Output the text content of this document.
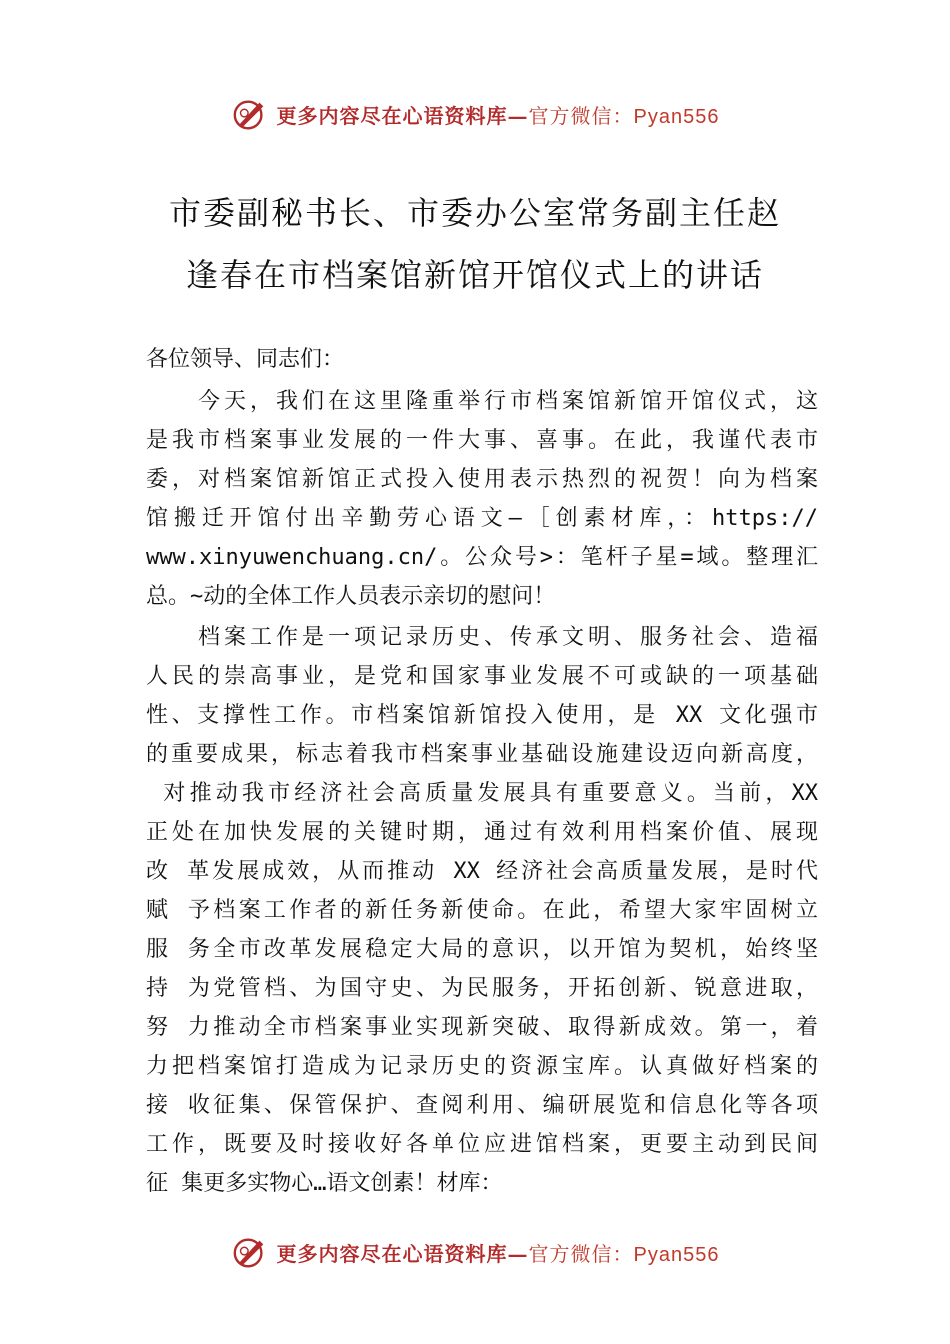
更多内容尽在心语资料库—官方微信：Pyan556
市委副秘书长、市委办公室常务副主任赵
逢春在市档案馆新馆开馆仪式上的讲话
各位领导、同志们：
　　今天，我们在这里隆重举行市档案馆新馆开馆仪式，这
是我市档案事业发展的一件大事、喜事。在此，我谨代表市
委，对档案馆新馆正式投入使用表示热烈的祝贺！向为档案
馆搬迁开馆付出辛勤劳心语文—［创素材库，：https://
www.xinyuwenchuang.cn/。公众号>：笔杆子星=域。整理汇
总。~动的全体工作人员表示亲切的慰问！
　　档案工作是一项记录历史、传承文明、服务社会、造福
人民的崇高事业，是党和国家事业发展不可或缺的一项基础
性、支撑性工作。市档案馆新馆投入使用，是 XX 文化强市
的重要成果，标志着我市档案事业基础设施建设迈向新高度，
对推动我市经济社会高质量发展具有重要意义。当前，XX
正处在加快发展的关键时期，通过有效利用档案价值、展现
改 革发展成效，从而推动 XX 经济社会高质量发展，是时代
赋 予档案工作者的新任务新使命。在此，希望大家牢固树立
服 务全市改革发展稳定大局的意识，以开馆为契机，始终坚
持 为党管档、为国守史、为民服务，开拓创新、锐意进取，
努 力推动全市档案事业实现新突破、取得新成效。第一，着
力把档案馆打造成为记录历史的资源宝库。认真做好档案的
接 收征集、保管保护、查阅利用、编研展览和信息化等各项
工作，既要及时接收好各单位应进馆档案，更要主动到民间
征 集更多实物心…语文创素！材库：
更多内容尽在心语资料库—官方微信：Pyan556
